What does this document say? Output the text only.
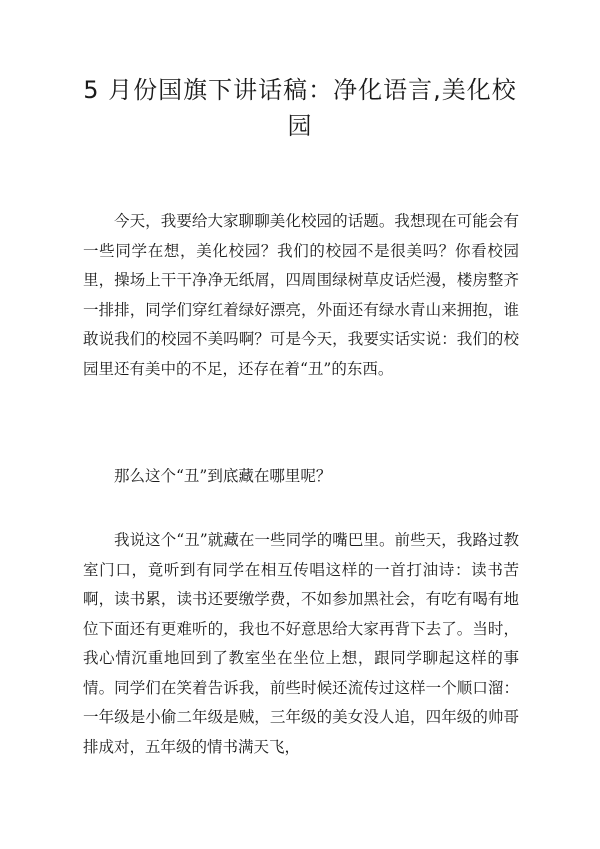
5 月份国旗下讲话稿：净化语言,美化校园

今天，我要给大家聊聊美化校园的话题。我想现在可能会有一些同学在想，美化校园？我们的校园不是很美吗？你看校园里，操场上干干净净无纸屑，四周围绿树草皮话烂漫，楼房整齐一排排，同学们穿红着绿好漂亮，外面还有绿水青山来拥抱，谁敢说我们的校园不美吗啊？可是今天，我要实话实说：我们的校园里还有美中的不足，还存在着“丑”的东西。

那么这个“丑”到底藏在哪里呢？

我说这个“丑”就藏在一些同学的嘴巴里。前些天，我路过教室门口，竟听到有同学在相互传唱这样的一首打油诗：读书苦啊，读书累，读书还要缴学费，不如参加黑社会，有吃有喝有地位下面还有更难听的，我也不好意思给大家再背下去了。当时，我心情沉重地回到了教室坐在坐位上想，跟同学聊起这样的事情。同学们在笑着告诉我，前些时候还流传过这样一个顺口溜：一年级是小偷二年级是贼，三年级的美女没人追，四年级的帅哥排成对，五年级的情书满天飞，
